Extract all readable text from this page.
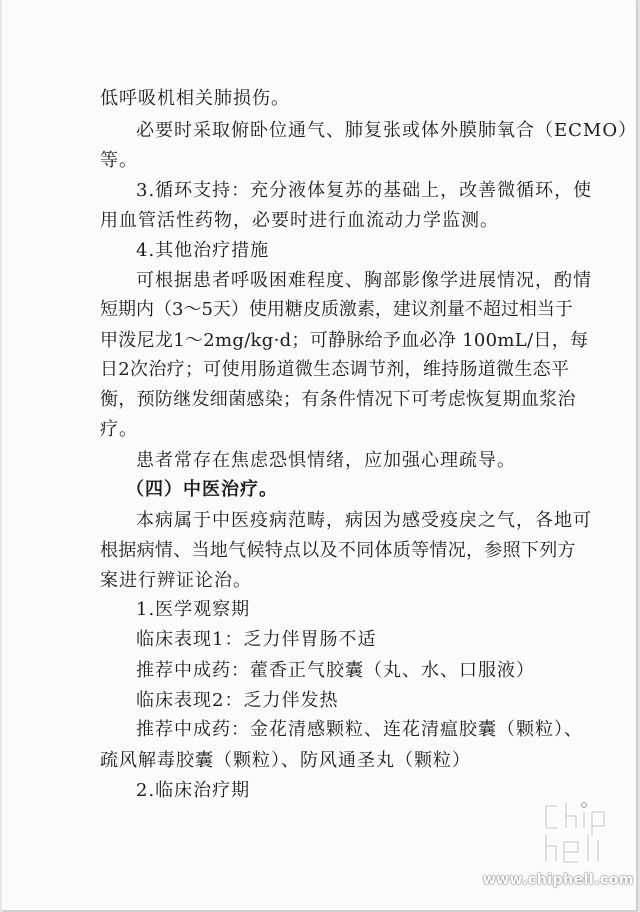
低呼吸机相关肺损伤。
必要时采取俯卧位通气、肺复张或体外膜肺氧合（ECMO）
等。
3.循环支持：充分液体复苏的基础上，改善微循环，使
用血管活性药物，必要时进行血流动力学监测。
4.其他治疗措施
可根据患者呼吸困难程度、胸部影像学进展情况，酌情
短期内（3～5天）使用糖皮质激素，建议剂量不超过相当于
甲泼尼龙1～2mg/kg·d；可静脉给予血必净 100mL/日，每
日2次治疗；可使用肠道微生态调节剂，维持肠道微生态平
衡，预防继发细菌感染；有条件情况下可考虑恢复期血浆治
疗。
患者常存在焦虑恐惧情绪，应加强心理疏导。
（四）中医治疗。
本病属于中医疫病范畴，病因为感受疫戾之气，各地可
根据病情、当地气候特点以及不同体质等情况，参照下列方
案进行辨证论治。
1.医学观察期
临床表现1：乏力伴胃肠不适
推荐中成药：藿香正气胶囊（丸、水、口服液）
临床表现2：乏力伴发热
推荐中成药：金花清感颗粒、连花清瘟胶囊（颗粒）、
疏风解毒胶囊（颗粒）、防风通圣丸（颗粒）
2.临床治疗期
www.chiphell.com
